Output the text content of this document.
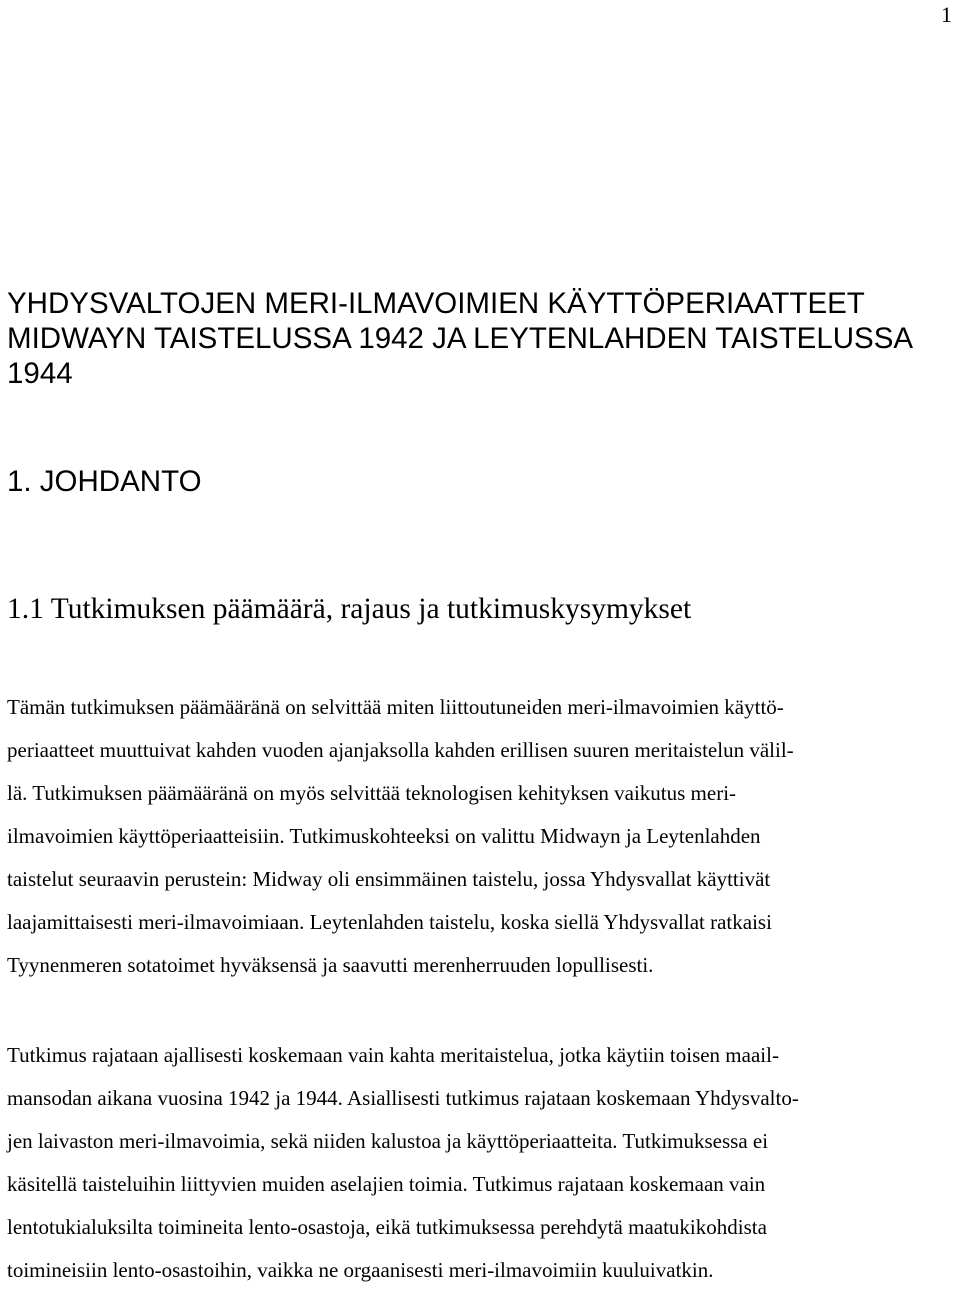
1
YHDYSVALTOJEN MERI-ILMAVOIMIEN KÄYTTÖPERIAATTEET
MIDWAYN TAISTELUSSA 1942 JA LEYTENLAHDEN TAISTELUSSA
1944
1. JOHDANTO
1.1 Tutkimuksen päämäärä, rajaus ja tutkimuskysymykset
Tämän tutkimuksen päämääränä on selvittää miten liittoutuneiden meri-ilmavoimien käyttö-
periaatteet muuttuivat kahden vuoden ajanjaksolla kahden erillisen suuren meritaistelun välil-
lä. Tutkimuksen päämääränä on myös selvittää teknologisen kehityksen vaikutus meri-
ilmavoimien käyttöperiaatteisiin. Tutkimuskohteeksi on valittu Midwayn ja Leytenlahden
taistelut seuraavin perustein: Midway oli ensimmäinen taistelu, jossa Yhdysvallat käyttivät
laajamittaisesti meri-ilmavoimiaan. Leytenlahden taistelu, koska siellä Yhdysvallat ratkaisi
Tyynenmeren sotatoimet hyväksensä ja saavutti merenherruuden lopullisesti.
Tutkimus rajataan ajallisesti koskemaan vain kahta meritaistelua, jotka käytiin toisen maail-
mansodan aikana vuosina 1942 ja 1944. Asiallisesti tutkimus rajataan koskemaan Yhdysvalto-
jen laivaston meri-ilmavoimia, sekä niiden kalustoa ja käyttöperiaatteita. Tutkimuksessa ei
käsitellä taisteluihin liittyvien muiden aselajien toimia. Tutkimus rajataan koskemaan vain
lentotukialuksilta toimineita lento-osastoja, eikä tutkimuksessa perehdytä maatukikohdista
toimineisiin lento-osastoihin, vaikka ne orgaanisesti meri-ilmavoimiin kuuluivatkin.
